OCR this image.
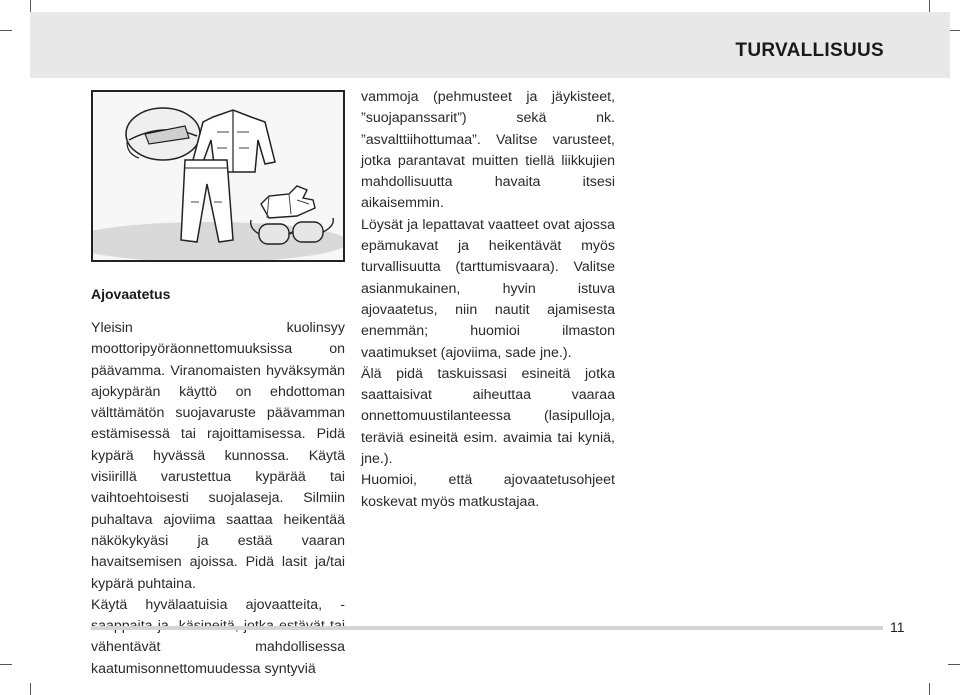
TURVALLISUUS
Ajovaatetus

Yleisin kuolinsyy moottoripyöräonnettomuuksissa on päävamma. Viranomaisten hyväksymän ajokypärän käyttö on ehdottoman välttämätön suojavaruste päävamman estämisessä tai rajoittamisessa. Pidä kypärä hyvässä kunnossa. Käytä visiirillä varustettua kypärää tai vaihtoehtoisesti suojalaseja. Silmiin puhaltava ajoviima saattaa heikentää näkökykyäsi ja estää vaaran havaitsemisen ajoissa. Pidä lasit ja/tai kypärä puhtaina.

Käytä hyvälaatuisia ajovaatteita, - vähentävät mahdollisessa kaatumisonnettomuudessa syntyviä

vammoja (pehmusteet ja jäykisteet, ”suojapanssarit”) sekä nk. ”asvalttiihottumaa”. Valitse varusteet, jotka parantavat muitten tiellä liikkujien mahdollisuutta havaita itsesi aikaisemmin.

Löysät ja lepattavat vaatteet ovat ajossa epämukavat ja heikentävät myös turvallisuutta (tarttumisvaara). Valitse asianmukainen, hyvin istuva ajovaatetus, niin nautit ajamisesta enemmän; huomioi ilmaston vaatimukset (ajoviima, sade jne.).

Älä pidä taskuissasi esineitä jotka saattaisivat aiheuttaa vaaraa onnettomuustilanteessa (lasipulloja, teräviä esineitä esim. avaimia tai kyniä, jne.).

Huomioi, että ajovaatetusohjeet koskevat myös matkustajaa.

11
